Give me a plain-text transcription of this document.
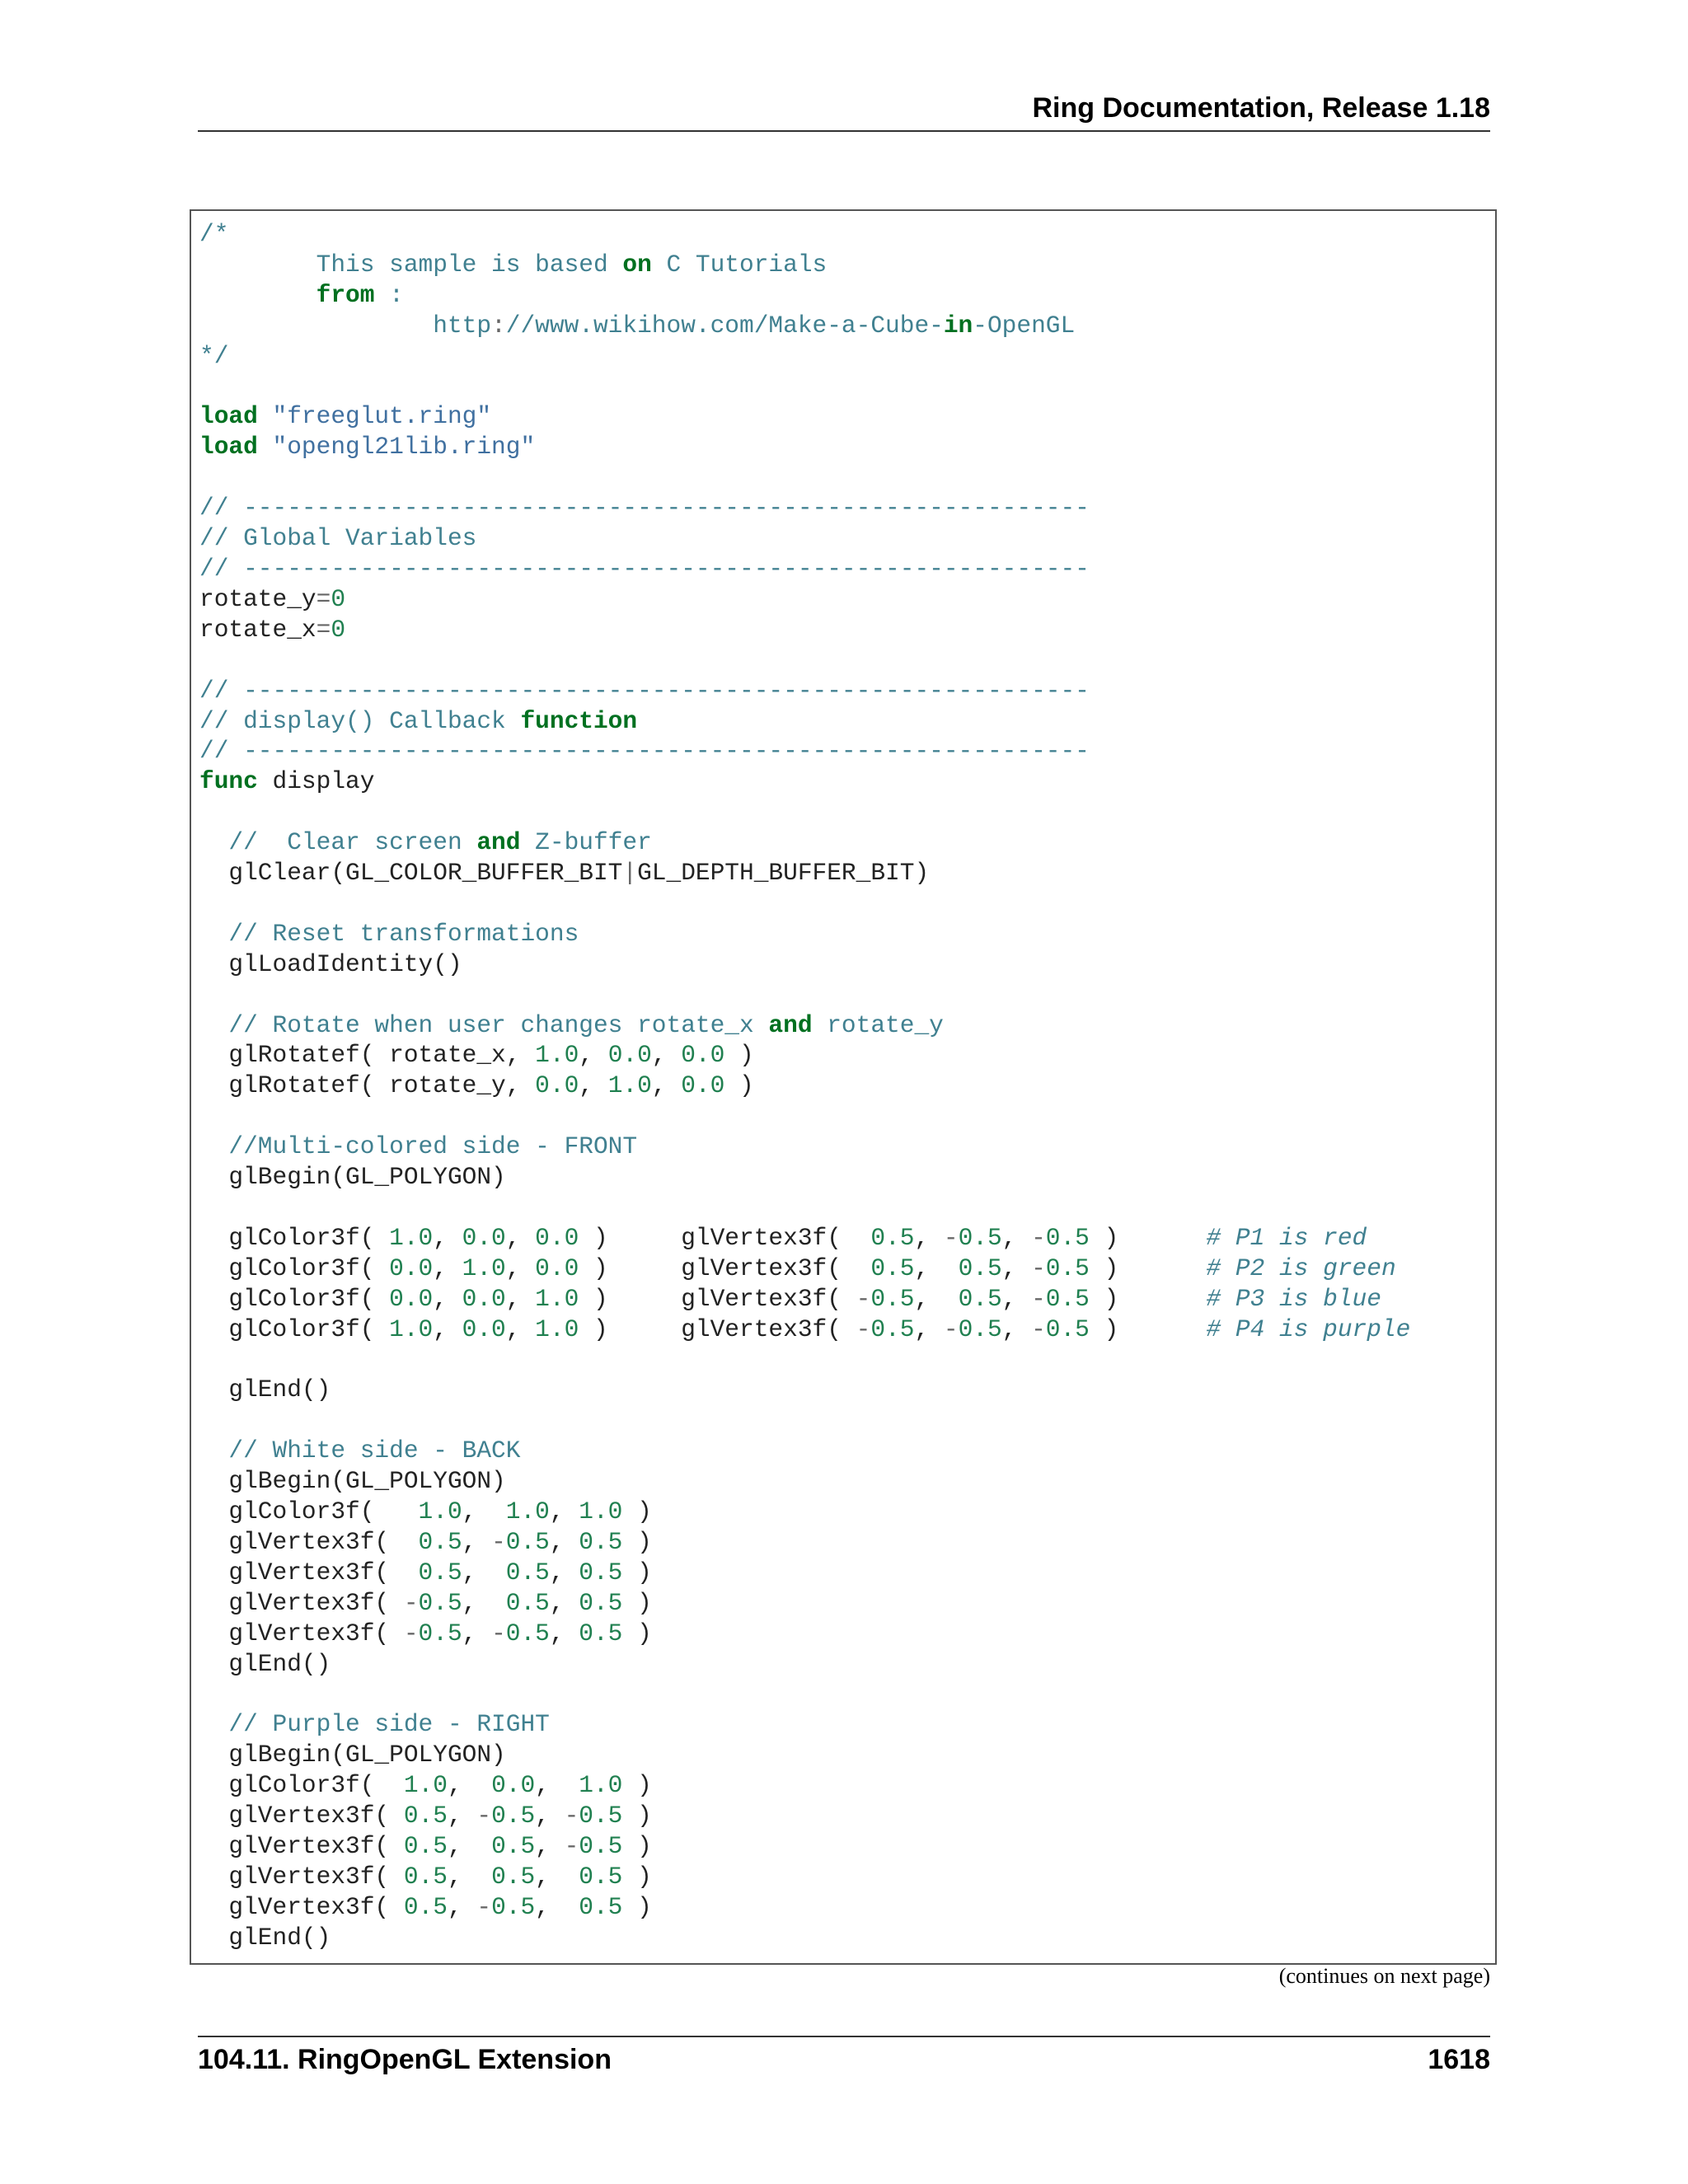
Ring Documentation, Release 1.18
/*
This sample is based on C Tutorials
from :
http://www.wikihow.com/Make-a-Cube-in-OpenGL
*/

load "freeglut.ring"
load "opengl21lib.ring"

// ----------------------------------------------------------
// Global Variables
// ----------------------------------------------------------
rotate_y=0
rotate_x=0

// ----------------------------------------------------------
// display() Callback function
// ----------------------------------------------------------
func display

//  Clear screen and Z-buffer
glClear(GL_COLOR_BUFFER_BIT|GL_DEPTH_BUFFER_BIT)

// Reset transformations
glLoadIdentity()

// Rotate when user changes rotate_x and rotate_y
glRotatef( rotate_x, 1.0, 0.0, 0.0 )
glRotatef( rotate_y, 0.0, 1.0, 0.0 )

//Multi-colored side - FRONT
glBegin(GL_POLYGON)

glColor3f( 1.0, 0.0, 0.0 )     glVertex3f(  0.5, -0.5, -0.5 )      # P1 is red
glColor3f( 0.0, 1.0, 0.0 )     glVertex3f(  0.5,  0.5, -0.5 )      # P2 is green
glColor3f( 0.0, 0.0, 1.0 )     glVertex3f( -0.5,  0.5, -0.5 )      # P3 is blue
glColor3f( 1.0, 0.0, 1.0 )     glVertex3f( -0.5, -0.5, -0.5 )      # P4 is purple

glEnd()

// White side - BACK
glBegin(GL_POLYGON)
glColor3f(   1.0,  1.0, 1.0 )
glVertex3f(  0.5, -0.5, 0.5 )
glVertex3f(  0.5,  0.5, 0.5 )
glVertex3f( -0.5,  0.5, 0.5 )
glVertex3f( -0.5, -0.5, 0.5 )
glEnd()

// Purple side - RIGHT
glBegin(GL_POLYGON)
glColor3f(  1.0,  0.0,  1.0 )
glVertex3f( 0.5, -0.5, -0.5 )
glVertex3f( 0.5,  0.5, -0.5 )
glVertex3f( 0.5,  0.5,  0.5 )
glVertex3f( 0.5, -0.5,  0.5 )
glEnd()
(continues on next page)
104.11. RingOpenGL Extension	1618
